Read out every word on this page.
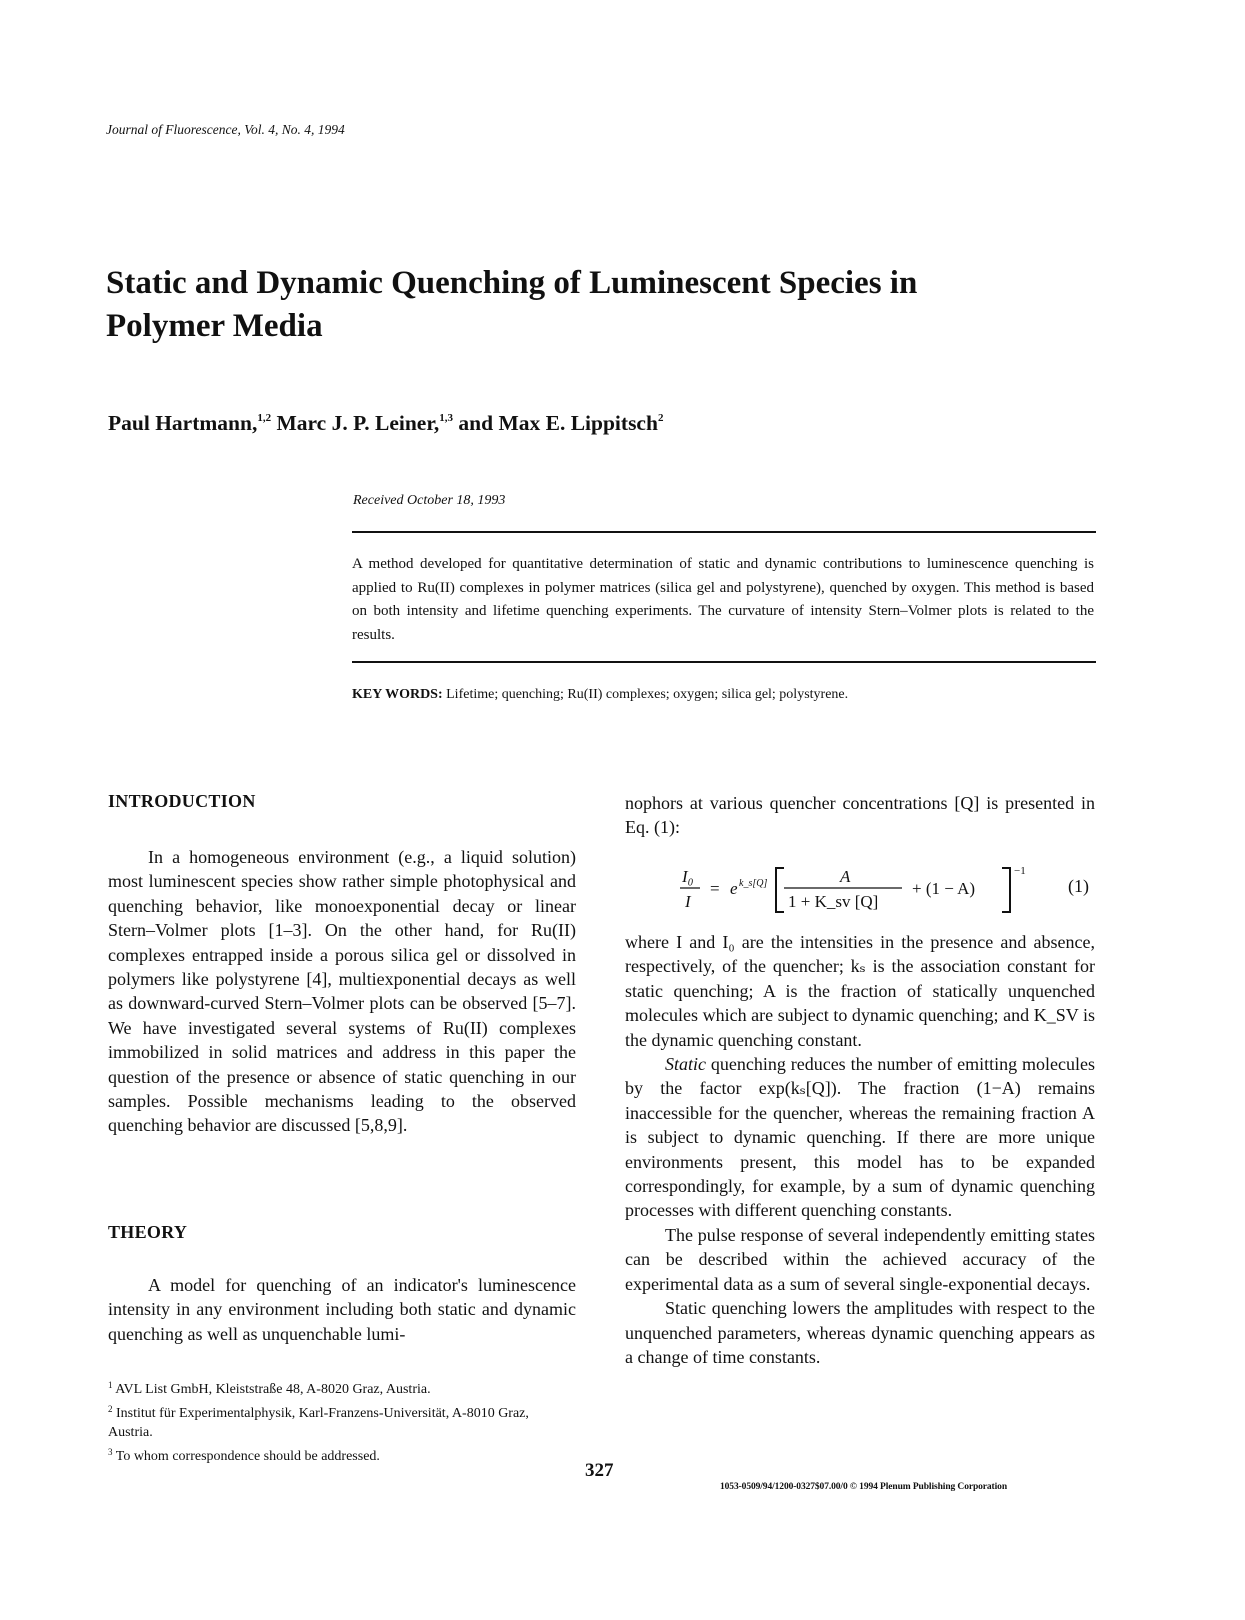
Journal of Fluorescence, Vol. 4, No. 4, 1994
Static and Dynamic Quenching of Luminescent Species in
Polymer Media
Paul Hartmann,$^{1,2}$ Marc J. P. Leiner,$^{1,3}$ and Max E. Lippitsch$^2$
Received October 18, 1993
A method developed for quantitative determination of static and dynamic contributions to luminescence quenching is applied to Ru(II) complexes in polymer matrices (silica gel and polystyrene), quenched by oxygen. This method is based on both intensity and lifetime quenching experiments. The curvature of intensity Stern–Volmer plots is related to the results.
KEY WORDS: Lifetime; quenching; Ru(II) complexes; oxygen; silica gel; polystyrene.
INTRODUCTION

In a homogeneous environment (e.g., a liquid solution) most luminescent species show rather simple photophysical and quenching behavior, like monoexponential decay or linear Stern–Volmer plots [1–3]. On the other hand, for Ru(II) complexes entrapped inside a porous silica gel or dissolved in polymers like polystyrene [4], multiexponential decays as well as downward-curved Stern–Volmer plots can be observed [5–7]. We have investigated several systems of Ru(II) complexes immobilized in solid matrices and address in this paper the question of the presence or absence of static quenching in our samples. Possible mechanisms leading to the observed quenching behavior are discussed [5,8,9].

THEORY

A model for quenching of an indicator's luminescence intensity in any environment including both static and dynamic quenching as well as unquenchable lumi-

$^1$ AVL List GmbH, Kleiststraße 48, A-8020 Graz, Austria.
$^2$ Institut für Experimentalphysik, Karl-Franzens-Universität, A-8010 Graz, Austria.
$^3$ To whom correspondence should be addressed.

nophors at various quencher concentrations [Q] is presented in Eq. (1):

I₀
I
= e k_s[Q]	A
1 + K_sv [Q]
+ (1 − A)
−1
(1)

where I and I₀ are the intensities in the presence and absence, respectively, of the quencher; kₛ is the association constant for static quenching; A is the fraction of statically unquenched molecules which are subject to dynamic quenching; and K_SV is the dynamic quenching constant.

Static quenching reduces the number of emitting molecules by the factor exp(kₛ[Q]). The fraction (1−A) remains inaccessible for the quencher, whereas the remaining fraction A is subject to dynamic quenching. If there are more unique environments present, this model has to be expanded correspondingly, for example, by a sum of dynamic quenching processes with different quenching constants.

The pulse response of several independently emitting states can be described within the achieved accuracy of the experimental data as a sum of several single-exponential decays.

Static quenching lowers the amplitudes with respect to the unquenched parameters, whereas dynamic quenching appears as a change of time constants.

327
1053-0509/94/1200-0327$07.00/0 © 1994 Plenum Publishing Corporation
